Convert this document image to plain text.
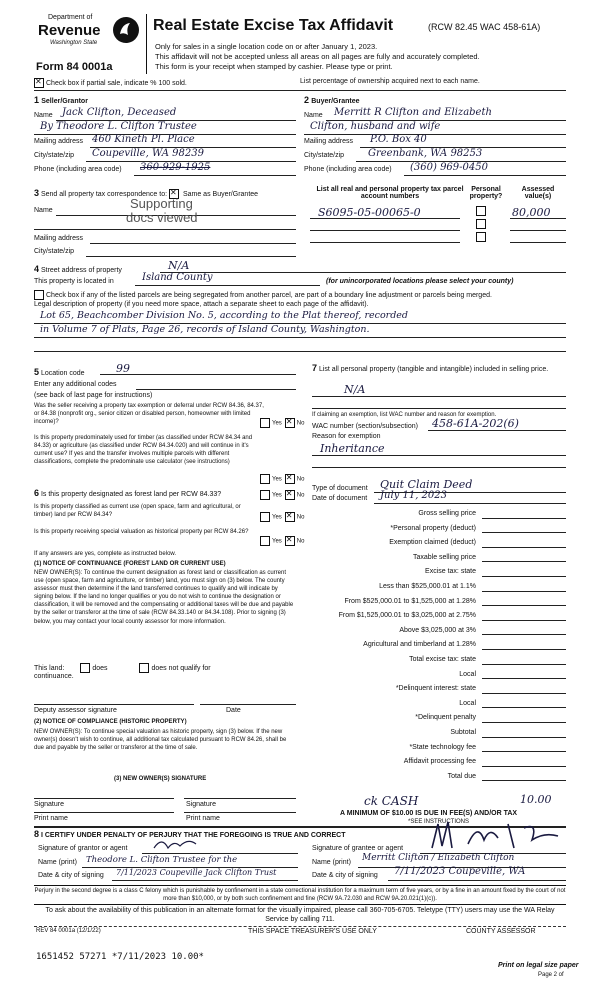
Department of
Revenue
Washington State
Form 84 0001a
Real Estate Excise Tax Affidavit	(RCW 82.45 WAC 458-61A)
Only for sales in a single location code on or after January 1, 2023.
This affidavit will not be accepted unless all areas on all pages are fully and accurately completed.
This form is your receipt when stamped by cashier. Please type or print.
✕Check box if partial sale, indicate % 100 sold.	List percentage of ownership acquired next to each name.
1 Seller/Grantor
Name Jack Clifton, Deceased
By Theodore L. Clifton Trustee
Mailing address 460 Kineth Pl. Place
City/state/zip Coupeville, WA 98239
Phone (including area code) 360-929-1925
2 Buyer/Grantee
Name Merritt R Clifton and Elizabeth
Clifton, husband and wife
Mailing address P.O. Box 40
City/state/zip Greenbank, WA 98253
Phone (including area code) (360) 969-0450
3 Send all property tax correspondence to: ✕ Same as Buyer/Grantee
Name	Supporting
docs viewed
Mailing address
City/state/zip
List all real and personal property tax parcel account numbers
Personal property?
Assessed value(s)
S6095-05-00065-0	80,000
4 Street address of property	N/A
This property is located in	Island County	(for unincorporated locations please select your county)
Check box if any of the listed parcels are being segregated from another parcel, are part of a boundary line adjustment or parcels being merged.
Legal description of property (if you need more space, attach a separate sheet to each page of the affidavit).
Lot 65, Beachcomber Division No. 5, according to the Plat thereof, recorded
in Volume 7 of Plats, Page 26, records of Island County, Washington.
5 Location code	99
Enter any additional codes
(see back of last page for instructions)
Was the seller receiving a property tax exemption or deferral under RCW 84.36, 84.37, or 84.38 (nonprofit org., senior citizen or disabled person, homeowner with limited income)?	Yes ✕	No
Is this property predominately used for timber (as classified under RCW 84.34 and 84.33) or agriculture (as classified under RCW 84.34.020) and will continue in it's current use? If yes and the transfer involves multiple parcels with different classifications, complete the predominate use calculator (see instructions)
Yes ✕	No
6 Is this property designated as forest land per RCW 84.33?	Yes ✕	No
Is this property classified as current use (open space, farm and agricultural, or timber) land per RCW 84.34?	Yes ✕	No
Is this property receiving special valuation as historical property per RCW 84.26?
Yes ✕	No
If any answers are yes, complete as instructed below.
(1) NOTICE OF CONTINUANCE (FOREST LAND OR CURRENT USE)
NEW OWNER(S): To continue the current designation as forest land or classification as current use (open space, farm and agriculture, or timber) land, you must sign on (3) below. The county assessor must then determine if the land transferred continues to qualify and will indicate by signing below. If the land no longer qualifies or you do not wish to continue the designation or classification, it will be removed and the compensating or additional taxes will be due and payable by the seller or transferor at the time of sale (RCW 84.33.140 or 84.34.108). Prior to signing (3) below, you may contact your local county assessor for more information.
This land:	does	does not qualify for
continuance.
Deputy assessor signature	Date
(2) NOTICE OF COMPLIANCE (HISTORIC PROPERTY)
NEW OWNER(S): To continue special valuation as historic property, sign (3) below. If the new owner(s) doesn't wish to continue, all additional tax calculated pursuant to RCW 84.26, shall be due and payable by the seller or transferor at the time of sale.
(3) NEW OWNER(S) SIGNATURE
Signature	Signature
Print name	Print name
7 List all personal property (tangible and intangible) included in selling price.
N/A
If claiming an exemption, list WAC number and reason for exemption.
WAC number (section/subsection) 458-61A-202(6)
Reason for exemption
Inheritance
Type of document Quit Claim Deed
Date of document July 11, 2023
Gross selling price
*Personal property (deduct)
Exemption claimed (deduct)
Taxable selling price
Excise tax: state
Less than $525,000.01 at 1.1%
From $525,000.01 to $1,525,000 at 1.28%
From $1,525,000.01 to $3,025,000 at 2.75%
Above $3,025,000 at 3%
Agricultural and timberland at 1.28%
Total excise tax: state
Local
*Delinquent interest: state
Local
*Delinquent penalty
Subtotal
*State technology fee
Affidavit processing fee
Total due
ck CASH	10.00
A MINIMUM OF $10.00 IS DUE IN FEE(S) AND/OR TAX
*SEE INSTRUCTIONS
8 I CERTIFY UNDER PENALTY OF PERJURY THAT THE FOREGOING IS TRUE AND CORRECT
Signature of grantor or agent
Name (print) Theodore L. Clifton Trustee for the
Date & city of signing 7/11/2023 Coupeville Jack Clifton Trust
Signature of grantee or agent
Name (print) Merritt Clifton / Elizabeth Clifton
Date & city of signing 7/11/2023 Coupeville, WA
Perjury in the second degree is a class C felony which is punishable by confinement in a state correctional institution for a maximum term of five years, or by a fine in an amount fixed by the court of not more than $10,000, or by both such confinement and fine (RCW 9A.72.030 and RCW 9A.20.021(1)(c)).
To ask about the availability of this publication in an alternate format for the visually impaired, please call 360-705-6705. Teletype (TTY) users may use the WA Relay Service by calling 711.
REV 84 0001a (12/1/22)	THIS SPACE TREASURER'S USE ONLY	COUNTY ASSESSOR
1651452 57271 *7/11/2023 10.00*
Print on legal size paper
Page 2 of
